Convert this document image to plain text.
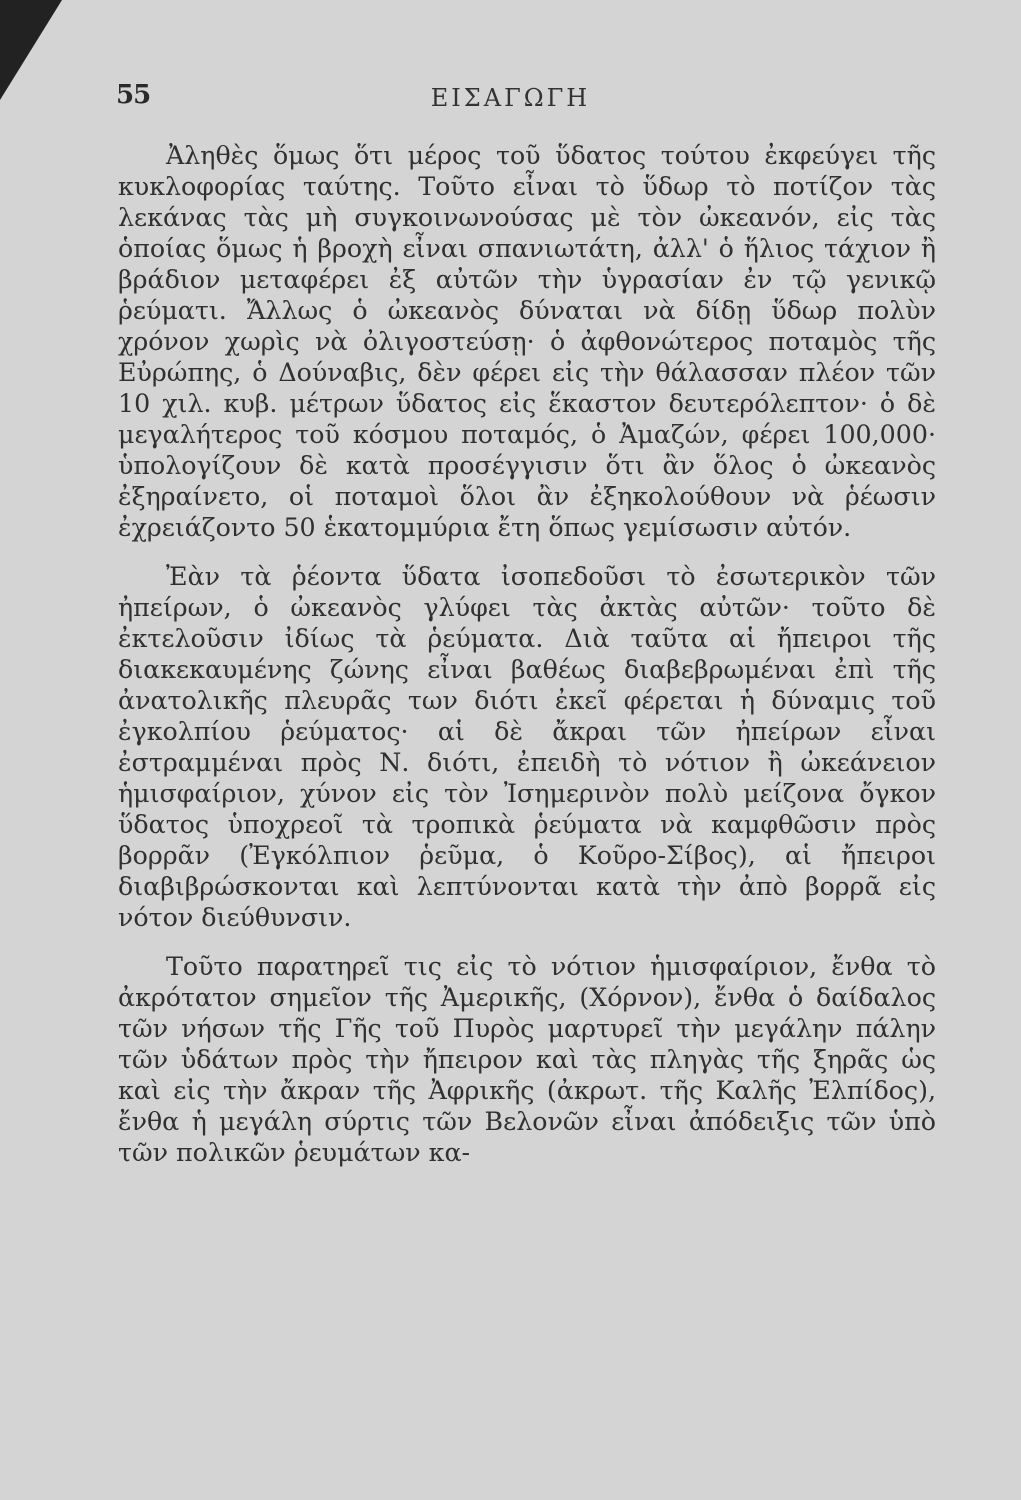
55	ΕΙΣΑΓΩΓΗ

Ἀληθὲς ὅμως ὅτι μέρος τοῦ ὕδατος τούτου ἐκφεύγει τῆς κυκλοφορίας ταύτης. Τοῦτο εἶναι τὸ ὕδωρ τὸ ποτίζον τὰς λεκάνας τὰς μὴ συγκοινωνούσας μὲ τὸν ὠκεανόν, εἰς τὰς ὁποίας ὅμως ἡ βροχὴ εἶναι σπανιωτάτη, ἀλλ' ὁ ἥλιος τάχιον ἢ βράδιον μεταφέρει ἐξ αὐτῶν τὴν ὑγρασίαν ἐν τῷ γενικῷ ῥεύματι. Ἄλλως ὁ ὠκεανὸς δύναται νὰ δίδῃ ὕδωρ πολὺν χρόνον χωρὶς νὰ ὀλιγοστεύσῃ· ὁ ἀφθονώτερος ποταμὸς τῆς Εὐρώπης, ὁ Δούναβις, δὲν φέρει εἰς τὴν θάλασσαν πλέον τῶν 10 χιλ. κυβ. μέτρων ὕδατος εἰς ἕκαστον δευτερόλεπτον· ὁ δὲ μεγαλήτερος τοῦ κόσμου ποταμός, ὁ Ἀμαζών, φέρει 100,000· ὑπολογίζουν δὲ κατὰ προσέγγισιν ὅτι ἂν ὅλος ὁ ὠκεανὸς ἐξηραίνετο, οἱ ποταμοὶ ὅλοι ἂν ἐξηκολούθουν νὰ ῥέωσιν ἐχρειάζοντο 50 ἑκατομμύρια ἔτη ὅπως γεμίσωσιν αὐτόν.

Ἐὰν τὰ ῥέοντα ὕδατα ἰσοπεδοῦσι τὸ ἐσωτερικὸν τῶν ἠπείρων, ὁ ὠκεανὸς γλύφει τὰς ἀκτὰς αὐτῶν· τοῦτο δὲ ἐκτελοῦσιν ἰδίως τὰ ῥεύματα. Διὰ ταῦτα αἱ ἤπειροι τῆς διακεκαυμένης ζώνης εἶναι βαθέως διαβεβρωμέναι ἐπὶ τῆς ἀνατολικῆς πλευρᾶς των διότι ἐκεῖ φέρεται ἡ δύναμις τοῦ ἐγκολπίου ῥεύματος· αἱ δὲ ἄκραι τῶν ἠπείρων εἶναι ἐστραμμέναι πρὸς Ν. διότι, ἐπειδὴ τὸ νότιον ἢ ὠκεάνειον ἡμισφαίριον, χύνον εἰς τὸν Ἰσημερινὸν πολὺ μείζονα ὄγκον ὕδατος ὑποχρεοῖ τὰ τροπικὰ ῥεύματα νὰ καμφθῶσιν πρὸς βορρᾶν (Ἐγκόλπιον ῥεῦμα, ὁ Κοῦρο-Σίβος), αἱ ἤπειροι διαβιβρώσκονται καὶ λεπτύνονται κατὰ τὴν ἀπὸ βορρᾶ εἰς νότον διεύθυνσιν.

Τοῦτο παρατηρεῖ τις εἰς τὸ νότιον ἡμισφαίριον, ἔνθα τὸ ἀκρότατον σημεῖον τῆς Ἀμερικῆς, (Χόρνον), ἔνθα ὁ δαίδαλος τῶν νήσων τῆς Γῆς τοῦ Πυρὸς μαρτυρεῖ τὴν μεγάλην πάλην τῶν ὑδάτων πρὸς τὴν ἤπειρον καὶ τὰς πληγὰς τῆς ξηρᾶς ὡς καὶ εἰς τὴν ἄκραν τῆς Ἀφρικῆς (ἀκρωτ. τῆς Καλῆς Ἐλπίδος), ἔνθα ἡ μεγάλη σύρτις τῶν Βελονῶν εἶναι ἀπόδειξις τῶν ὑπὸ τῶν πολικῶν ῥευμάτων κα-
